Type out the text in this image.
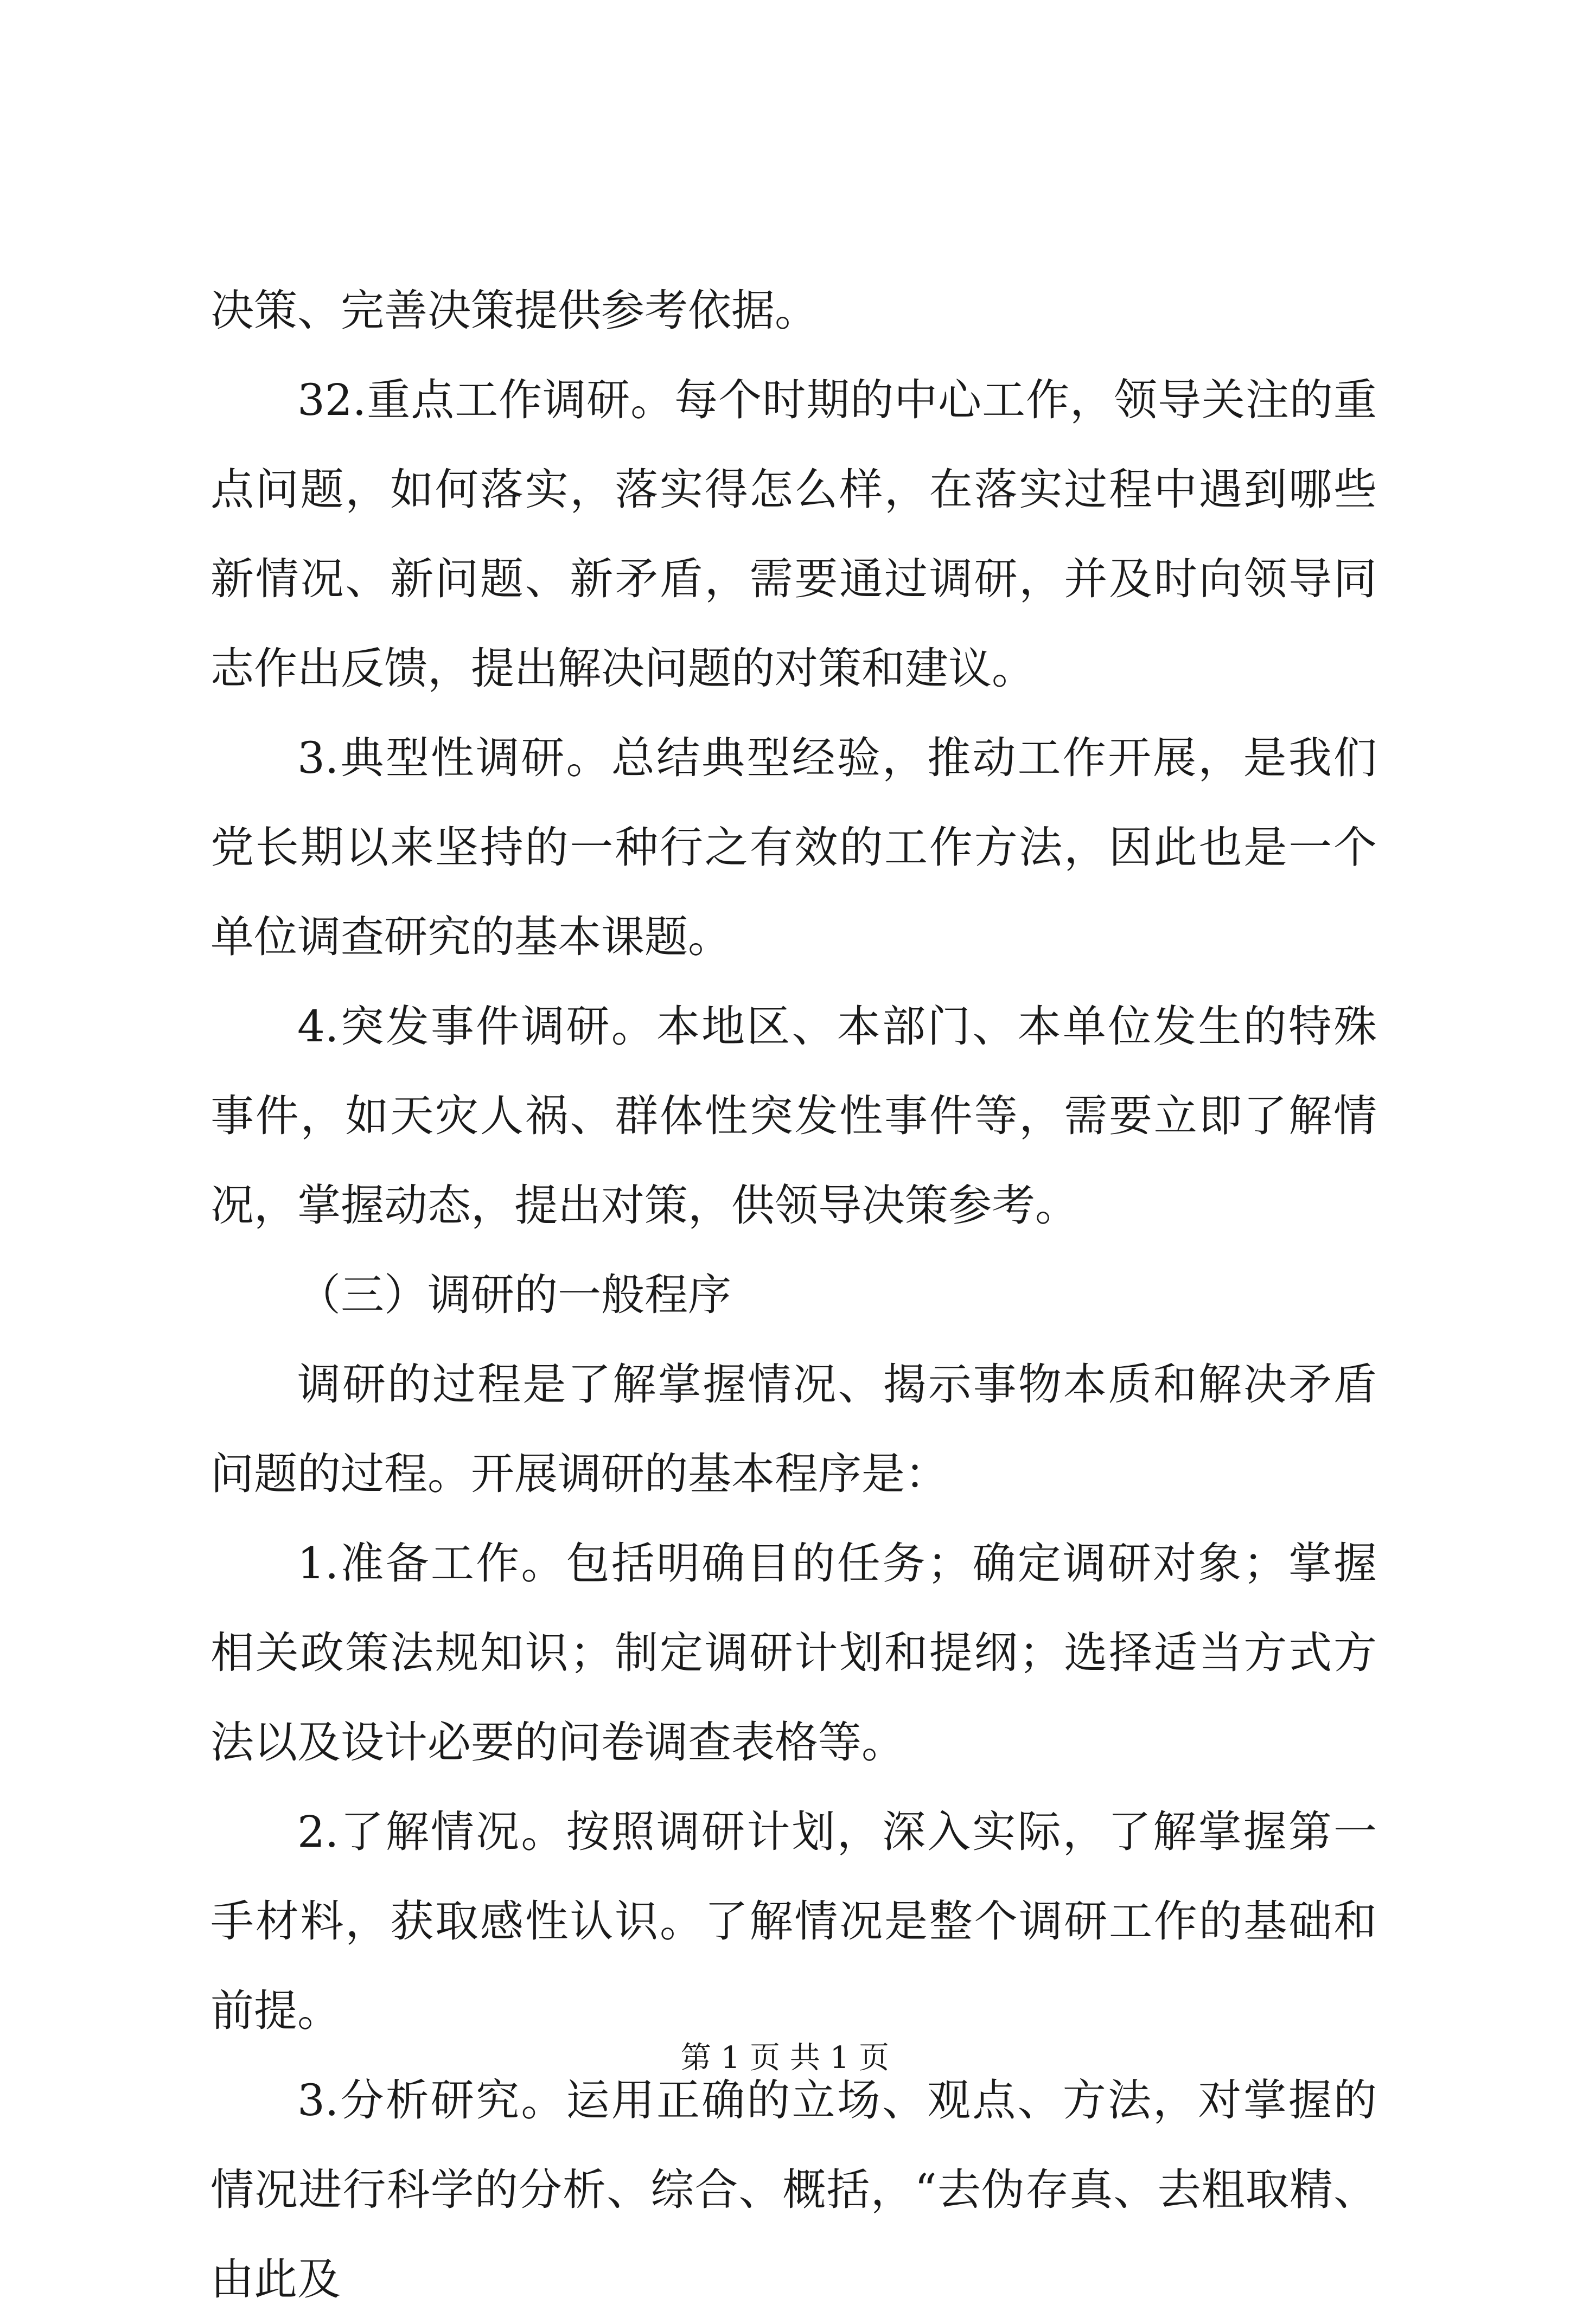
决策、完善决策提供参考依据。

32.重点工作调研。每个时期的中心工作，领导关注的重点问题，如何落实，落实得怎么样，在落实过程中遇到哪些新情况、新问题、新矛盾，需要通过调研，并及时向领导同志作出反馈，提出解决问题的对策和建议。

3.典型性调研。总结典型经验，推动工作开展，是我们党长期以来坚持的一种行之有效的工作方法，因此也是一个单位调查研究的基本课题。

4.突发事件调研。本地区、本部门、本单位发生的特殊事件，如天灾人祸、群体性突发性事件等，需要立即了解情况，掌握动态，提出对策，供领导决策参考。

（三）调研的一般程序

调研的过程是了解掌握情况、揭示事物本质和解决矛盾问题的过程。开展调研的基本程序是：

1.准备工作。包括明确目的任务；确定调研对象；掌握相关政策法规知识；制定调研计划和提纲；选择适当方式方法以及设计必要的问卷调查表格等。

2.了解情况。按照调研计划，深入实际，了解掌握第一手材料，获取感性认识。了解情况是整个调研工作的基础和前提。

3.分析研究。运用正确的立场、观点、方法，对掌握的情况进行科学的分析、综合、概括，“去伪存真、去粗取精、由此及

第 1 页 共 1 页
